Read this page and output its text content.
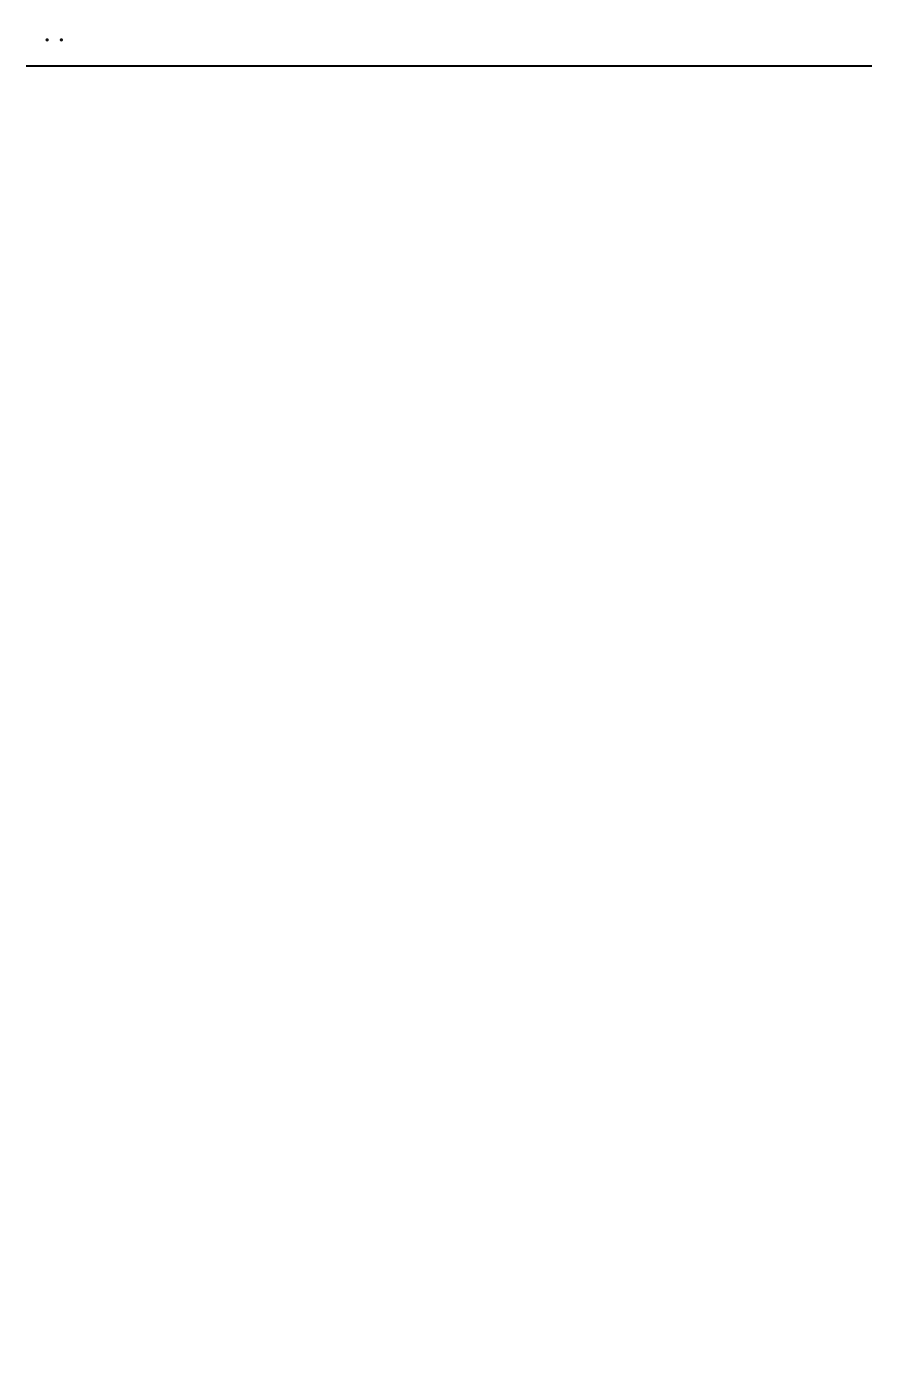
· ·
